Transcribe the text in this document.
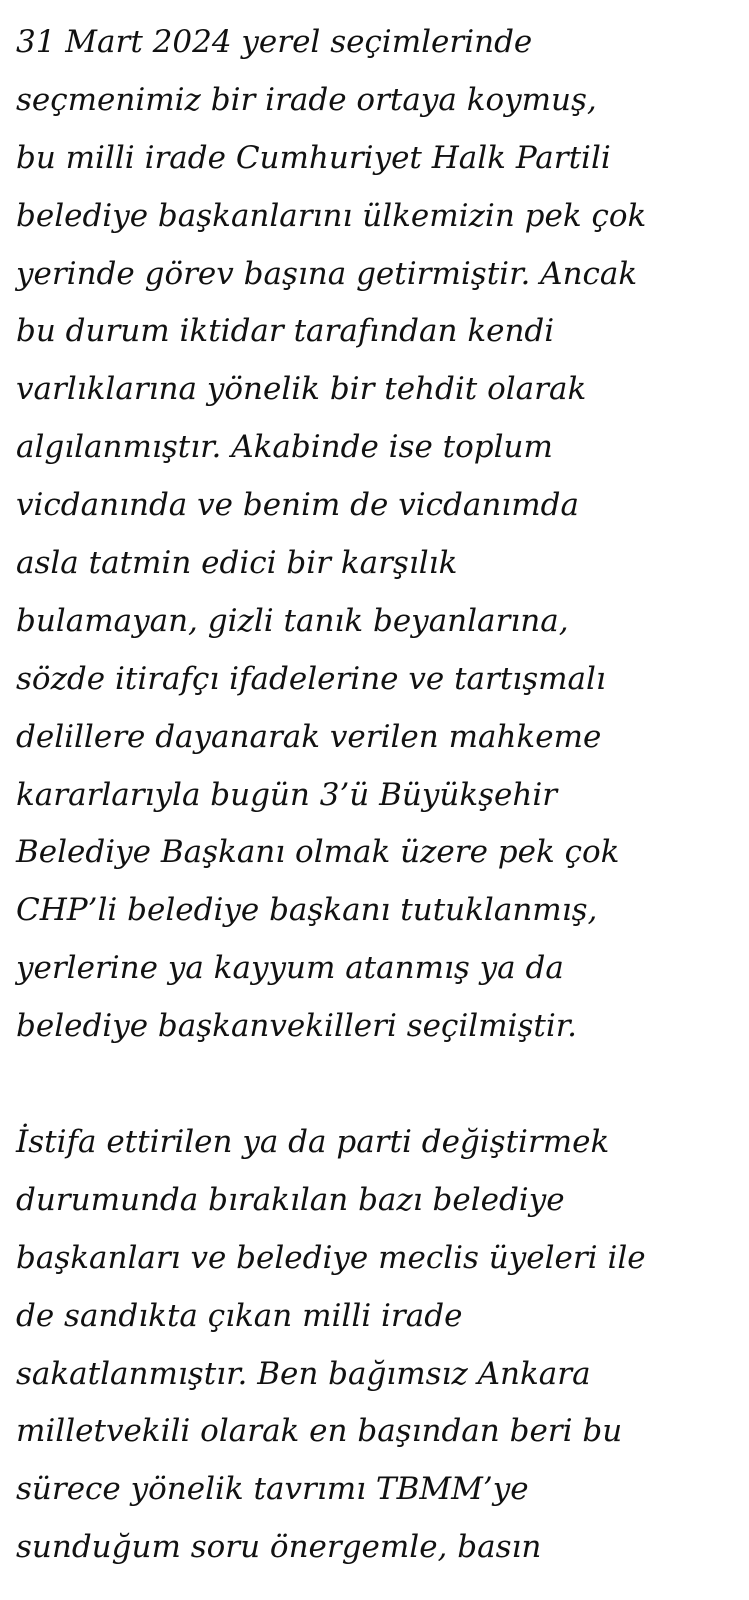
31 Mart 2024 yerel seçimlerinde
seçmenimiz bir irade ortaya koymuş,
bu milli irade Cumhuriyet Halk Partili
belediye başkanlarını ülkemizin pek çok
yerinde görev başına getirmiştir. Ancak
bu durum iktidar tarafından kendi
varlıklarına yönelik bir tehdit olarak
algılanmıştır. Akabinde ise toplum
vicdanında ve benim de vicdanımda
asla tatmin edici bir karşılık
bulamayan, gizli tanık beyanlarına,
sözde itirafçı ifadelerine ve tartışmalı
delillere dayanarak verilen mahkeme
kararlarıyla bugün 3’ü Büyükşehir
Belediye Başkanı olmak üzere pek çok
CHP’li belediye başkanı tutuklanmış,
yerlerine ya kayyum atanmış ya da
belediye başkanvekilleri seçilmiştir.

İstifa ettirilen ya da parti değiştirmek
durumunda bırakılan bazı belediye
başkanları ve belediye meclis üyeleri ile
de sandıkta çıkan milli irade
sakatlanmıştır. Ben bağımsız Ankara
milletvekili olarak en başından beri bu
sürece yönelik tavrımı TBMM’ye
sunduğum soru önergemle, basın
